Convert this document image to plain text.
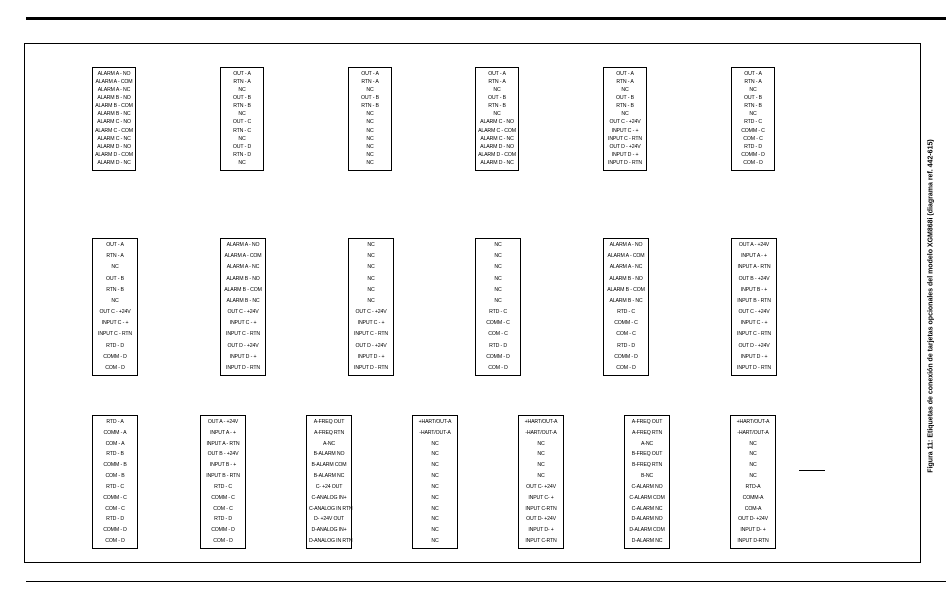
ALARM A - NO
ALARM A - COM
ALARM A - NC
ALARM B - NO
ALARM B - COM
ALARM B - NC
ALARM C - NO
ALARM C - COM
ALARM C - NC
ALARM D - NO
ALARM D - COM
ALARM D - NC
OUT - A
RTN - A
NC
OUT - B
RTN - B
NC
OUT - C
RTN - C
NC
OUT - D
RTN - D
NC
OUT - A
RTN - A
NC
OUT - B
RTN - B
NC
NC
NC
NC
NC
NC
NC
OUT - A
RTN - A
NC
OUT - B
RTN - B
NC
ALARM C - NO
ALARM C - COM
ALARM C - NC
ALARM D - NO
ALARM D - COM
ALARM D - NC
OUT - A
RTN - A
NC
OUT - B
RTN - B
NC
OUT C - +24V
INPUT C - +
INPUT C - RTN
OUT D - +24V
INPUT D - +
INPUT D - RTN
OUT - A
RTN - A
NC
OUT - B
RTN - B
NC
RTD - C
COMM - C
COM - C
RTD - D
COMM - D
COM - D
OUT - A
RTN - A
NC
OUT - B
RTN - B
NC
OUT C - +24V
INPUT C - +
INPUT C - RTN
RTD - D
COMM - D
COM - D
ALARM A - NO
ALARM A - COM
ALARM A - NC
ALARM B - NO
ALARM B - COM
ALARM B - NC
OUT C - +24V
INPUT C - +
INPUT C - RTN
OUT D - +24V
INPUT D - +
INPUT D - RTN
NC
NC
NC
NC
NC
NC
OUT C - +24V
INPUT C - +
INPUT C - RTN
OUT D - +24V
INPUT D - +
INPUT D - RTN
NC
NC
NC
NC
NC
NC
RTD - C
COMM - C
COM - C
RTD - D
COMM - D
COM - D
ALARM A - NO
ALARM A - COM
ALARM A - NC
ALARM B - NO
ALARM B - COM
ALARM B - NC
RTD - C
COMM - C
COM - C
RTD - D
COMM - D
COM - D
OUT A - +24V
INPUT A - +
INPUT A - RTN
OUT B - +24V
INPUT B - +
INPUT B - RTN
OUT C - +24V
INPUT C - +
INPUT C - RTN
OUT D - +24V
INPUT D - +
INPUT D - RTN
RTD - A
COMM - A
COM - A
RTD - B
COMM - B
COM - B
RTD - C
COMM - C
COM - C
RTD - D
COMM - D
COM - D
OUT A - +24V
INPUT A - +
INPUT A - RTN
OUT B - +24V
INPUT B - +
INPUT B - RTN
RTD - C
COMM - C
COM - C
RTD - D
COMM - D
COM - D
A-FREQ OUT
A-FREQ RTN
A-NC
B-ALARM NO
B-ALARM COM
B-ALARM NC
C- +24 OUT
C-ANALOG IN+
C-ANALOG IN RTN
D- +24V OUT
D-ANALOG IN+
D-ANALOG IN RTN
+HART/OUT-A
-HART/OUT-A
NC
NC
NC
NC
NC
NC
NC
NC
NC
NC
+HART/OUT-A
-HART/OUT-A
NC
NC
NC
NC
OUT C- +24V
INPUT C- +
INPUT C-RTN
OUT D- +24V
INPUT D- +
INPUT C-RTN
A-FREQ OUT
A-FREQ RTN
A-NC
B-FREQ OUT
B-FREQ RTN
B-NC
C-ALARM NO
C-ALARM COM
C-ALARM NC
D-ALARM NO
D-ALARM COM
D-ALARM NC
+HART/OUT-A
-HART/OUT-A
NC
NC
NC
NC
RTD-A
COMM-A
COM-A
OUT D- +24V
INPUT D- +
INPUT D-RTN
Figura 11: Etiquetas de conexión de tarjetas opcionales del modelo XGM868i (diagrama ref. 442-615)
